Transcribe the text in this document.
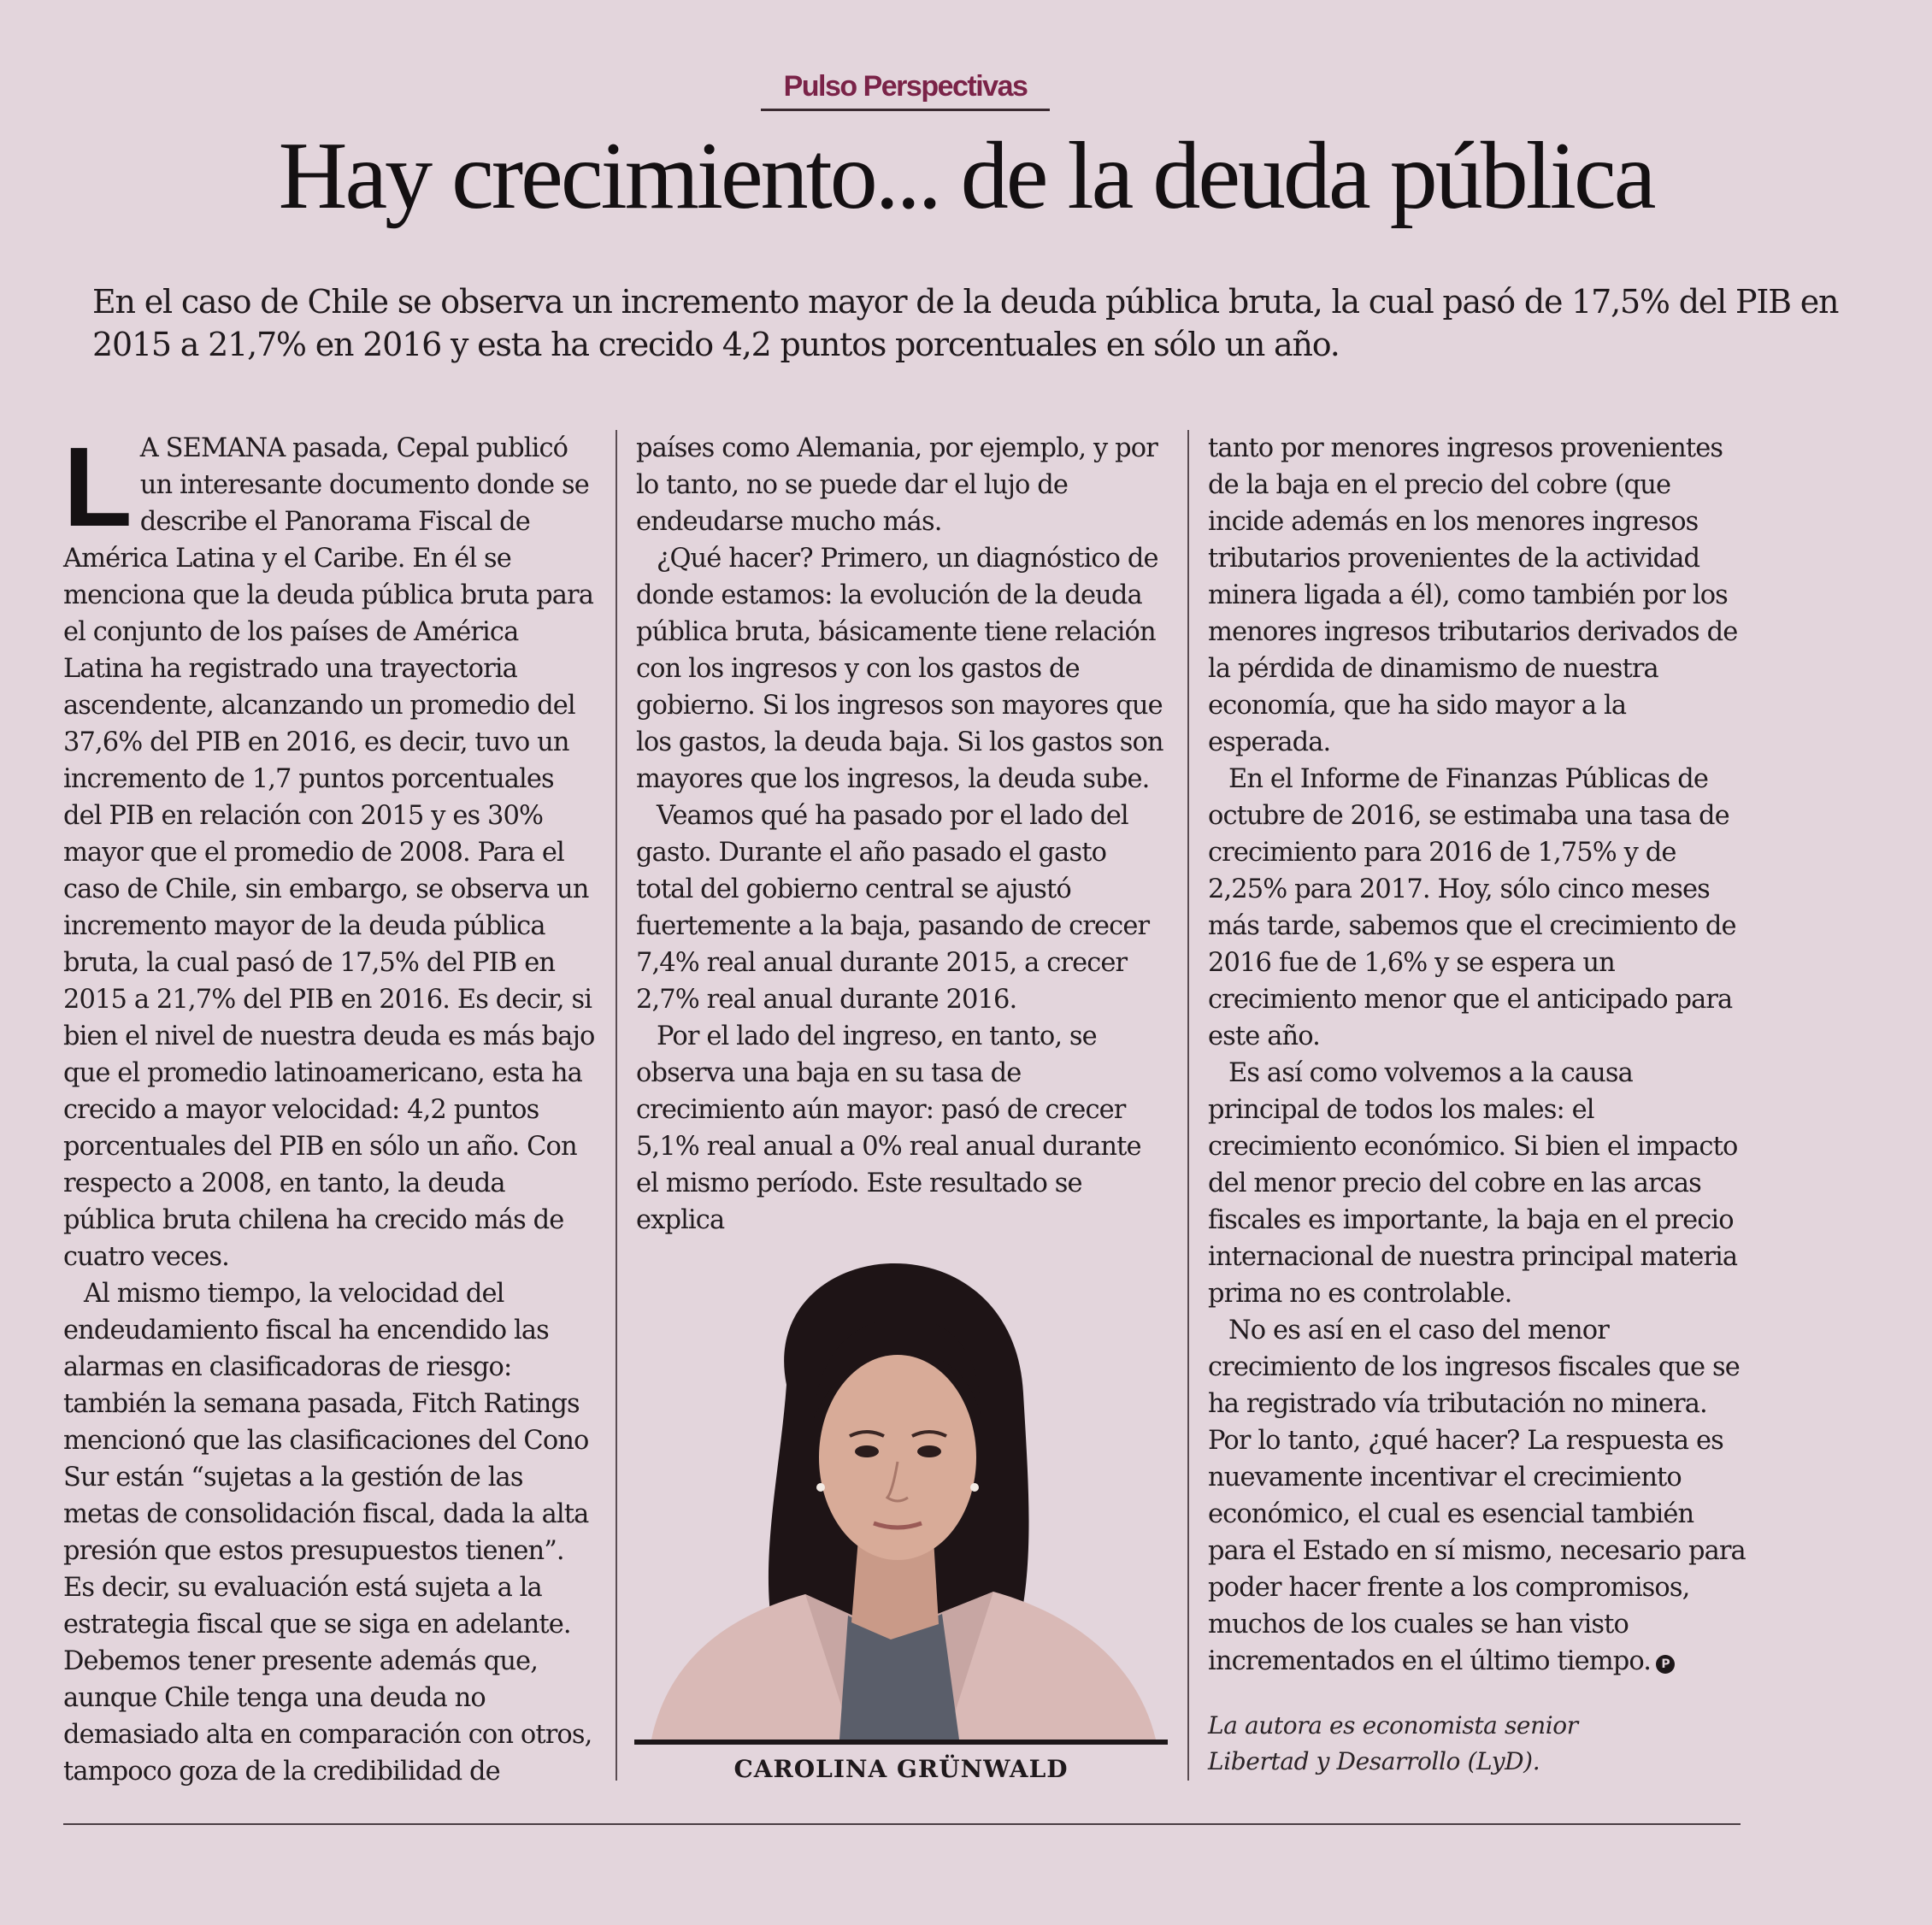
Pulso Perspectivas
Hay crecimiento... de la deuda pública
En el caso de Chile se observa un incremento mayor de la deuda pública bruta, la cual pasó de 17,5% del PIB en 2015 a 21,7% en 2016 y esta ha crecido 4,2 puntos porcentuales en sólo un año.
L A SEMANA pasada, Cepal publicó un interesante documento donde se describe el Panorama Fiscal de América Latina y el Caribe. En él se menciona que la deuda pública bruta para el conjunto de los países de América Latina ha registrado una trayectoria ascendente, alcanzando un promedio del 37,6% del PIB en 2016, es decir, tuvo un incremento de 1,7 puntos porcentuales del PIB en relación con 2015 y es 30% mayor que el promedio de 2008. Para el caso de Chile, sin embargo, se observa un incremento mayor de la deuda pública bruta, la cual pasó de 17,5% del PIB en 2015 a 21,7% del PIB en 2016. Es decir, si bien el nivel de nuestra deuda es más bajo que el promedio latinoamericano, esta ha crecido a mayor velocidad: 4,2 puntos porcentuales del PIB en sólo un año. Con respecto a 2008, en tanto, la deuda pública bruta chilena ha crecido más de cuatro veces.

Al mismo tiempo, la velocidad del endeudamiento fiscal ha encendido las alarmas en clasificadoras de riesgo: también la semana pasada, Fitch Ratings mencionó que las clasificaciones del Cono Sur están “sujetas a la gestión de las metas de consolidación fiscal, dada la alta presión que estos presupuestos tienen”. Es decir, su evaluación está sujeta a la estrategia fiscal que se siga en adelante. Debemos tener presente además que, aunque Chile tenga una deuda no demasiado alta en comparación con otros, tampoco goza de la credibilidad de

países como Alemania, por ejemplo, y por lo tanto, no se puede dar el lujo de endeudarse mucho más.

¿Qué hacer? Primero, un diagnóstico de donde estamos: la evolución de la deuda pública bruta, básicamente tiene relación con los ingresos y con los gastos de gobierno. Si los ingresos son mayores que los gastos, la deuda baja. Si los gastos son mayores que los ingresos, la deuda sube.

Veamos qué ha pasado por el lado del gasto. Durante el año pasado el gasto total del gobierno central se ajustó fuertemente a la baja, pasando de crecer 7,4% real anual durante 2015, a crecer 2,7% real anual durante 2016.

Por el lado del ingreso, en tanto, se observa una baja en su tasa de crecimiento aún mayor: pasó de crecer 5,1% real anual a 0% real anual durante el mismo período. Este resultado se explica

tanto por menores ingresos provenientes de la baja en el precio del cobre (que incide además en los menores ingresos tributarios provenientes de la actividad minera ligada a él), como también por los menores ingresos tributarios derivados de la pérdida de dinamismo de nuestra economía, que ha sido mayor a la esperada.

En el Informe de Finanzas Públicas de octubre de 2016, se estimaba una tasa de crecimiento para 2016 de 1,75% y de 2,25% para 2017. Hoy, sólo cinco meses más tarde, sabemos que el crecimiento de 2016 fue de 1,6% y se espera un crecimiento menor que el anticipado para este año.

Es así como volvemos a la causa principal de todos los males: el crecimiento económico. Si bien el impacto del menor precio del cobre en las arcas fiscales es importante, la baja en el precio internacional de nuestra principal materia prima no es controlable.

No es así en el caso del menor crecimiento de los ingresos fiscales que se ha registrado vía tributación no minera. Por lo tanto, ¿qué hacer? La respuesta es nuevamente incentivar el crecimiento económico, el cual es esencial también para el Estado en sí mismo, necesario para poder hacer frente a los compromisos, muchos de los cuales se han visto incrementados en el último tiempo. P

CAROLINA GRÜNWALD
La autora es economista senior
Libertad y Desarrollo (LyD).
